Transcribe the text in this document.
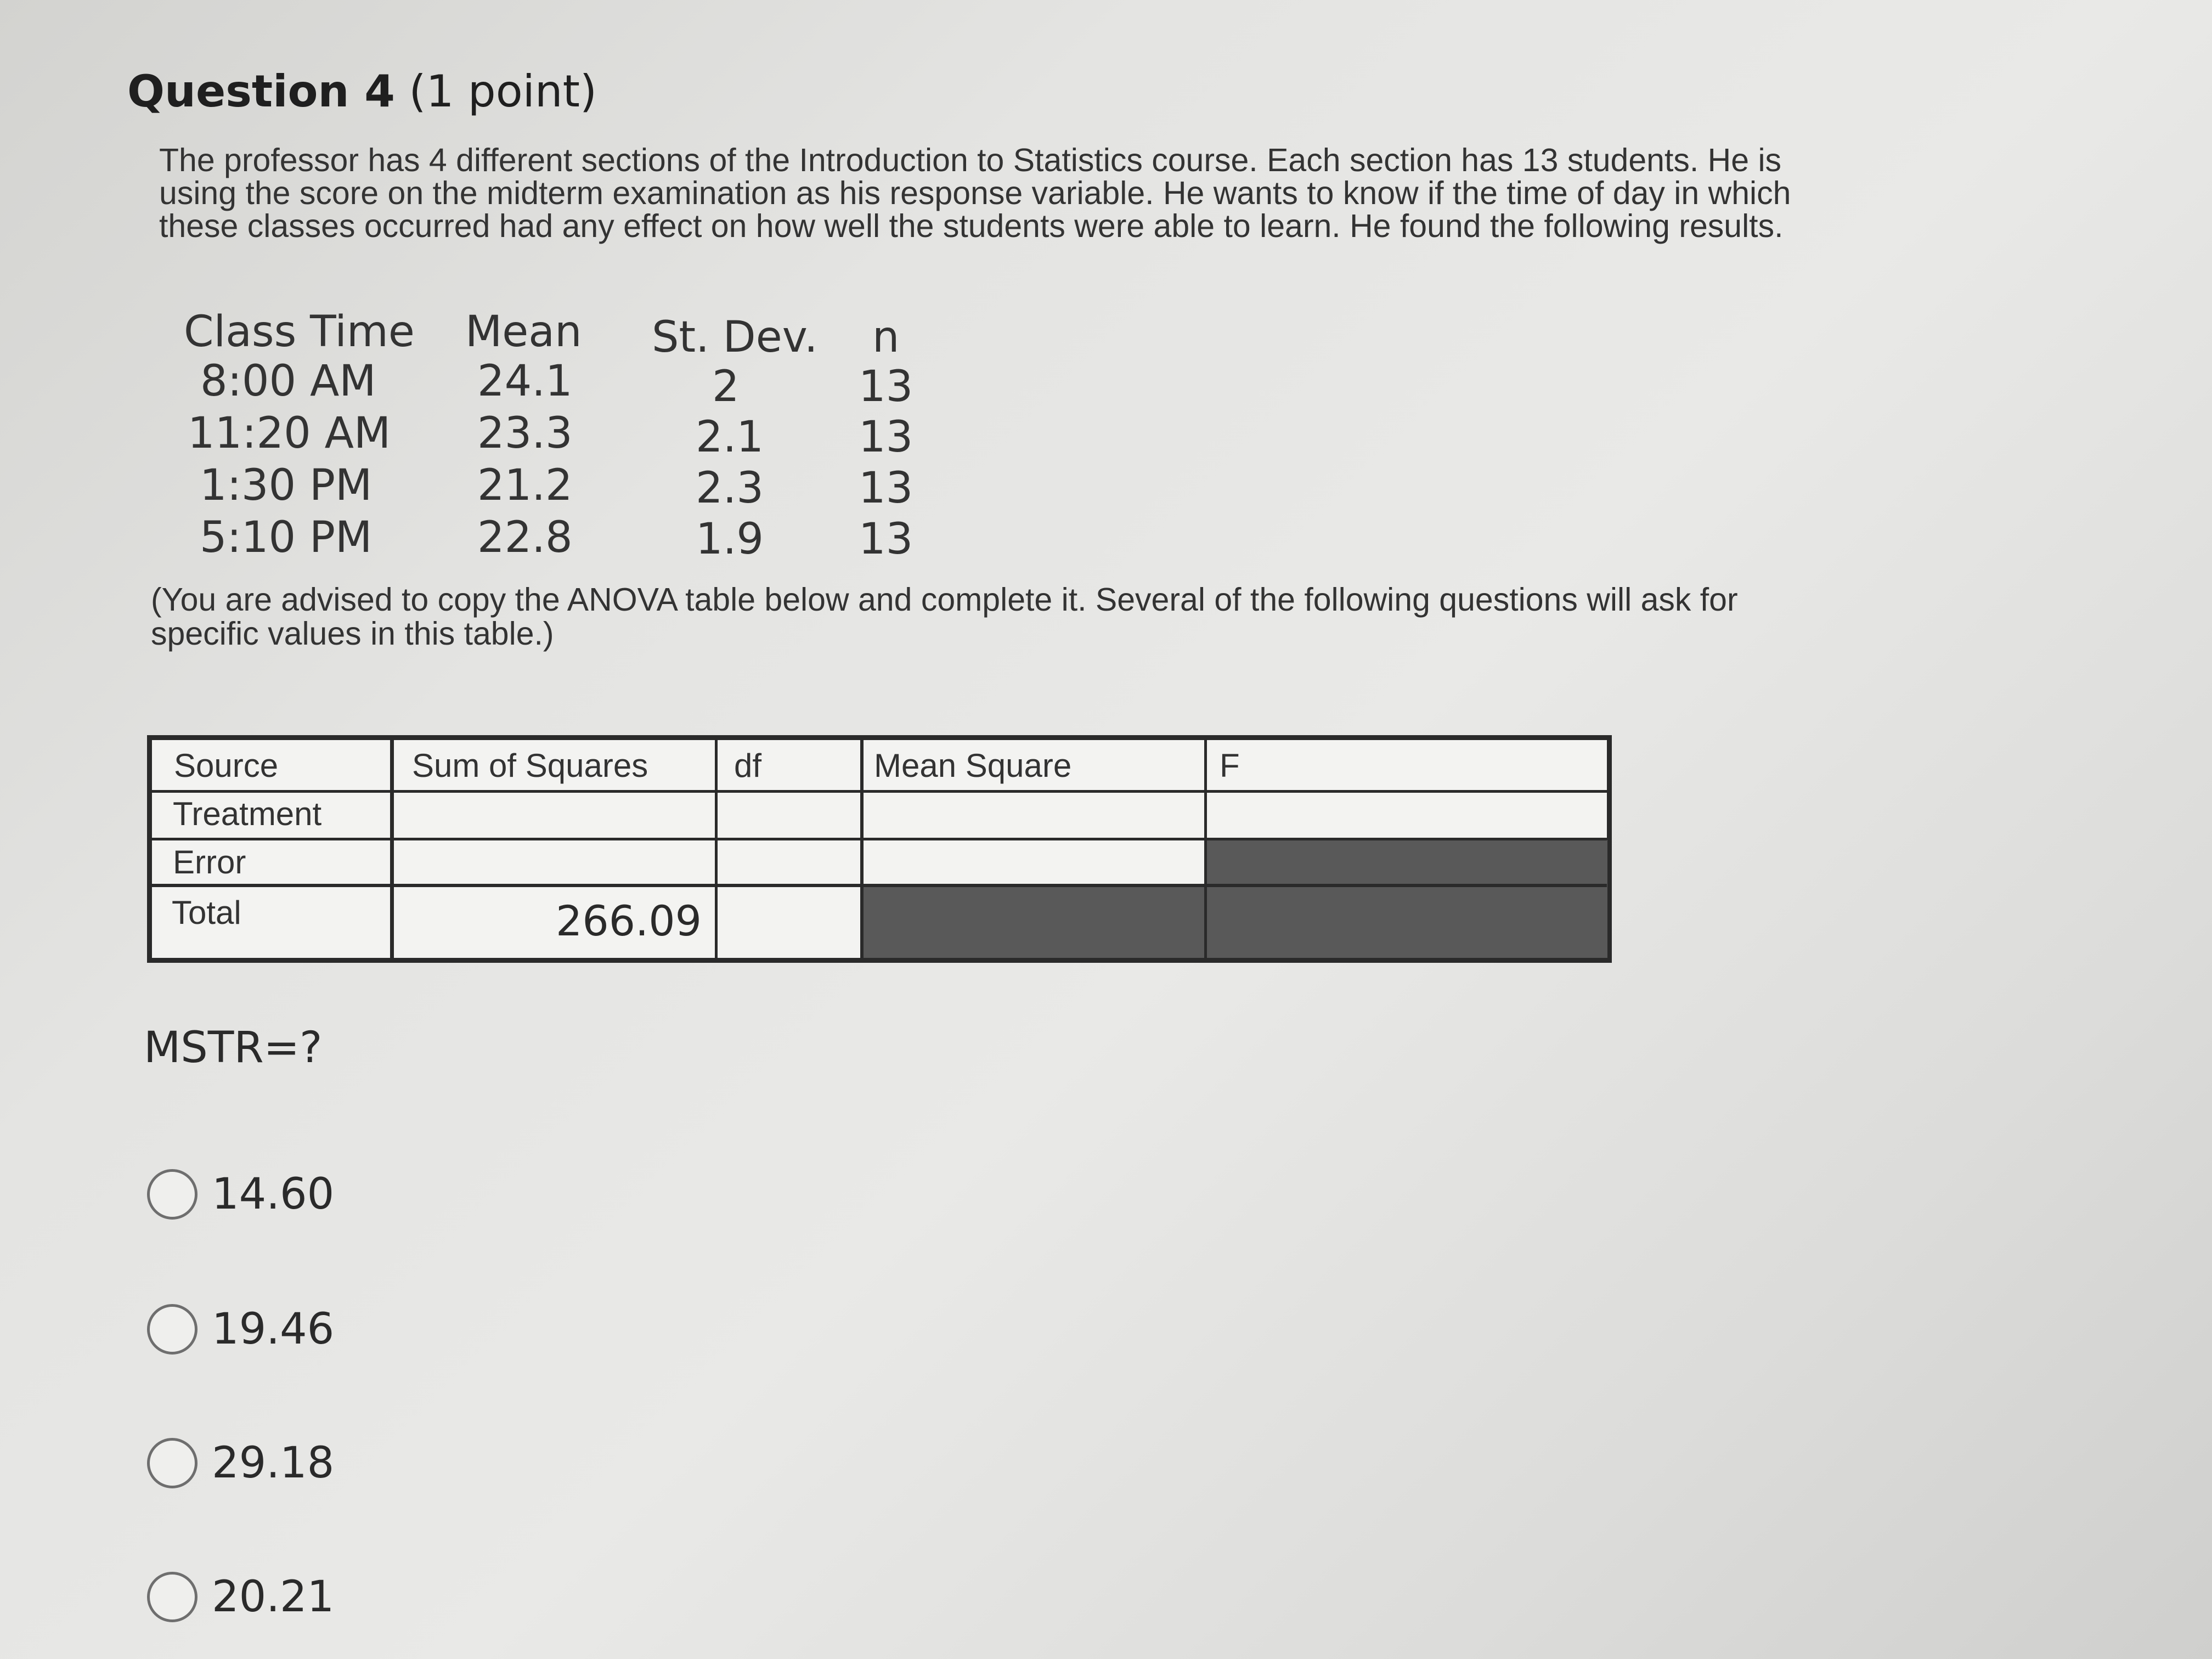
Question 4 (1 point)
The professor has 4 different sections of the Introduction to Statistics course. Each section has 13 students. He is using the score on the midterm examination as his response variable. He wants to know if the time of day in which these classes occurred had any effect on how well the students were able to learn. He found the following results.
Class Time Mean St. Dev. n
8:00 AM 24.1	2	13
11:20 AM 23.3	2.1 13
1:30 PM 21.2	2.3 13
5:10 PM 22.8	1.9 13
(You are advised to copy the ANOVA table below and complete it. Several of the following questions will ask for specific values in this table.)
Source	Sum of Squares	df	Mean Square	F
Treatment
Error
Total	266.09
MSTR=?
14.60
19.46
29.18
20.21
